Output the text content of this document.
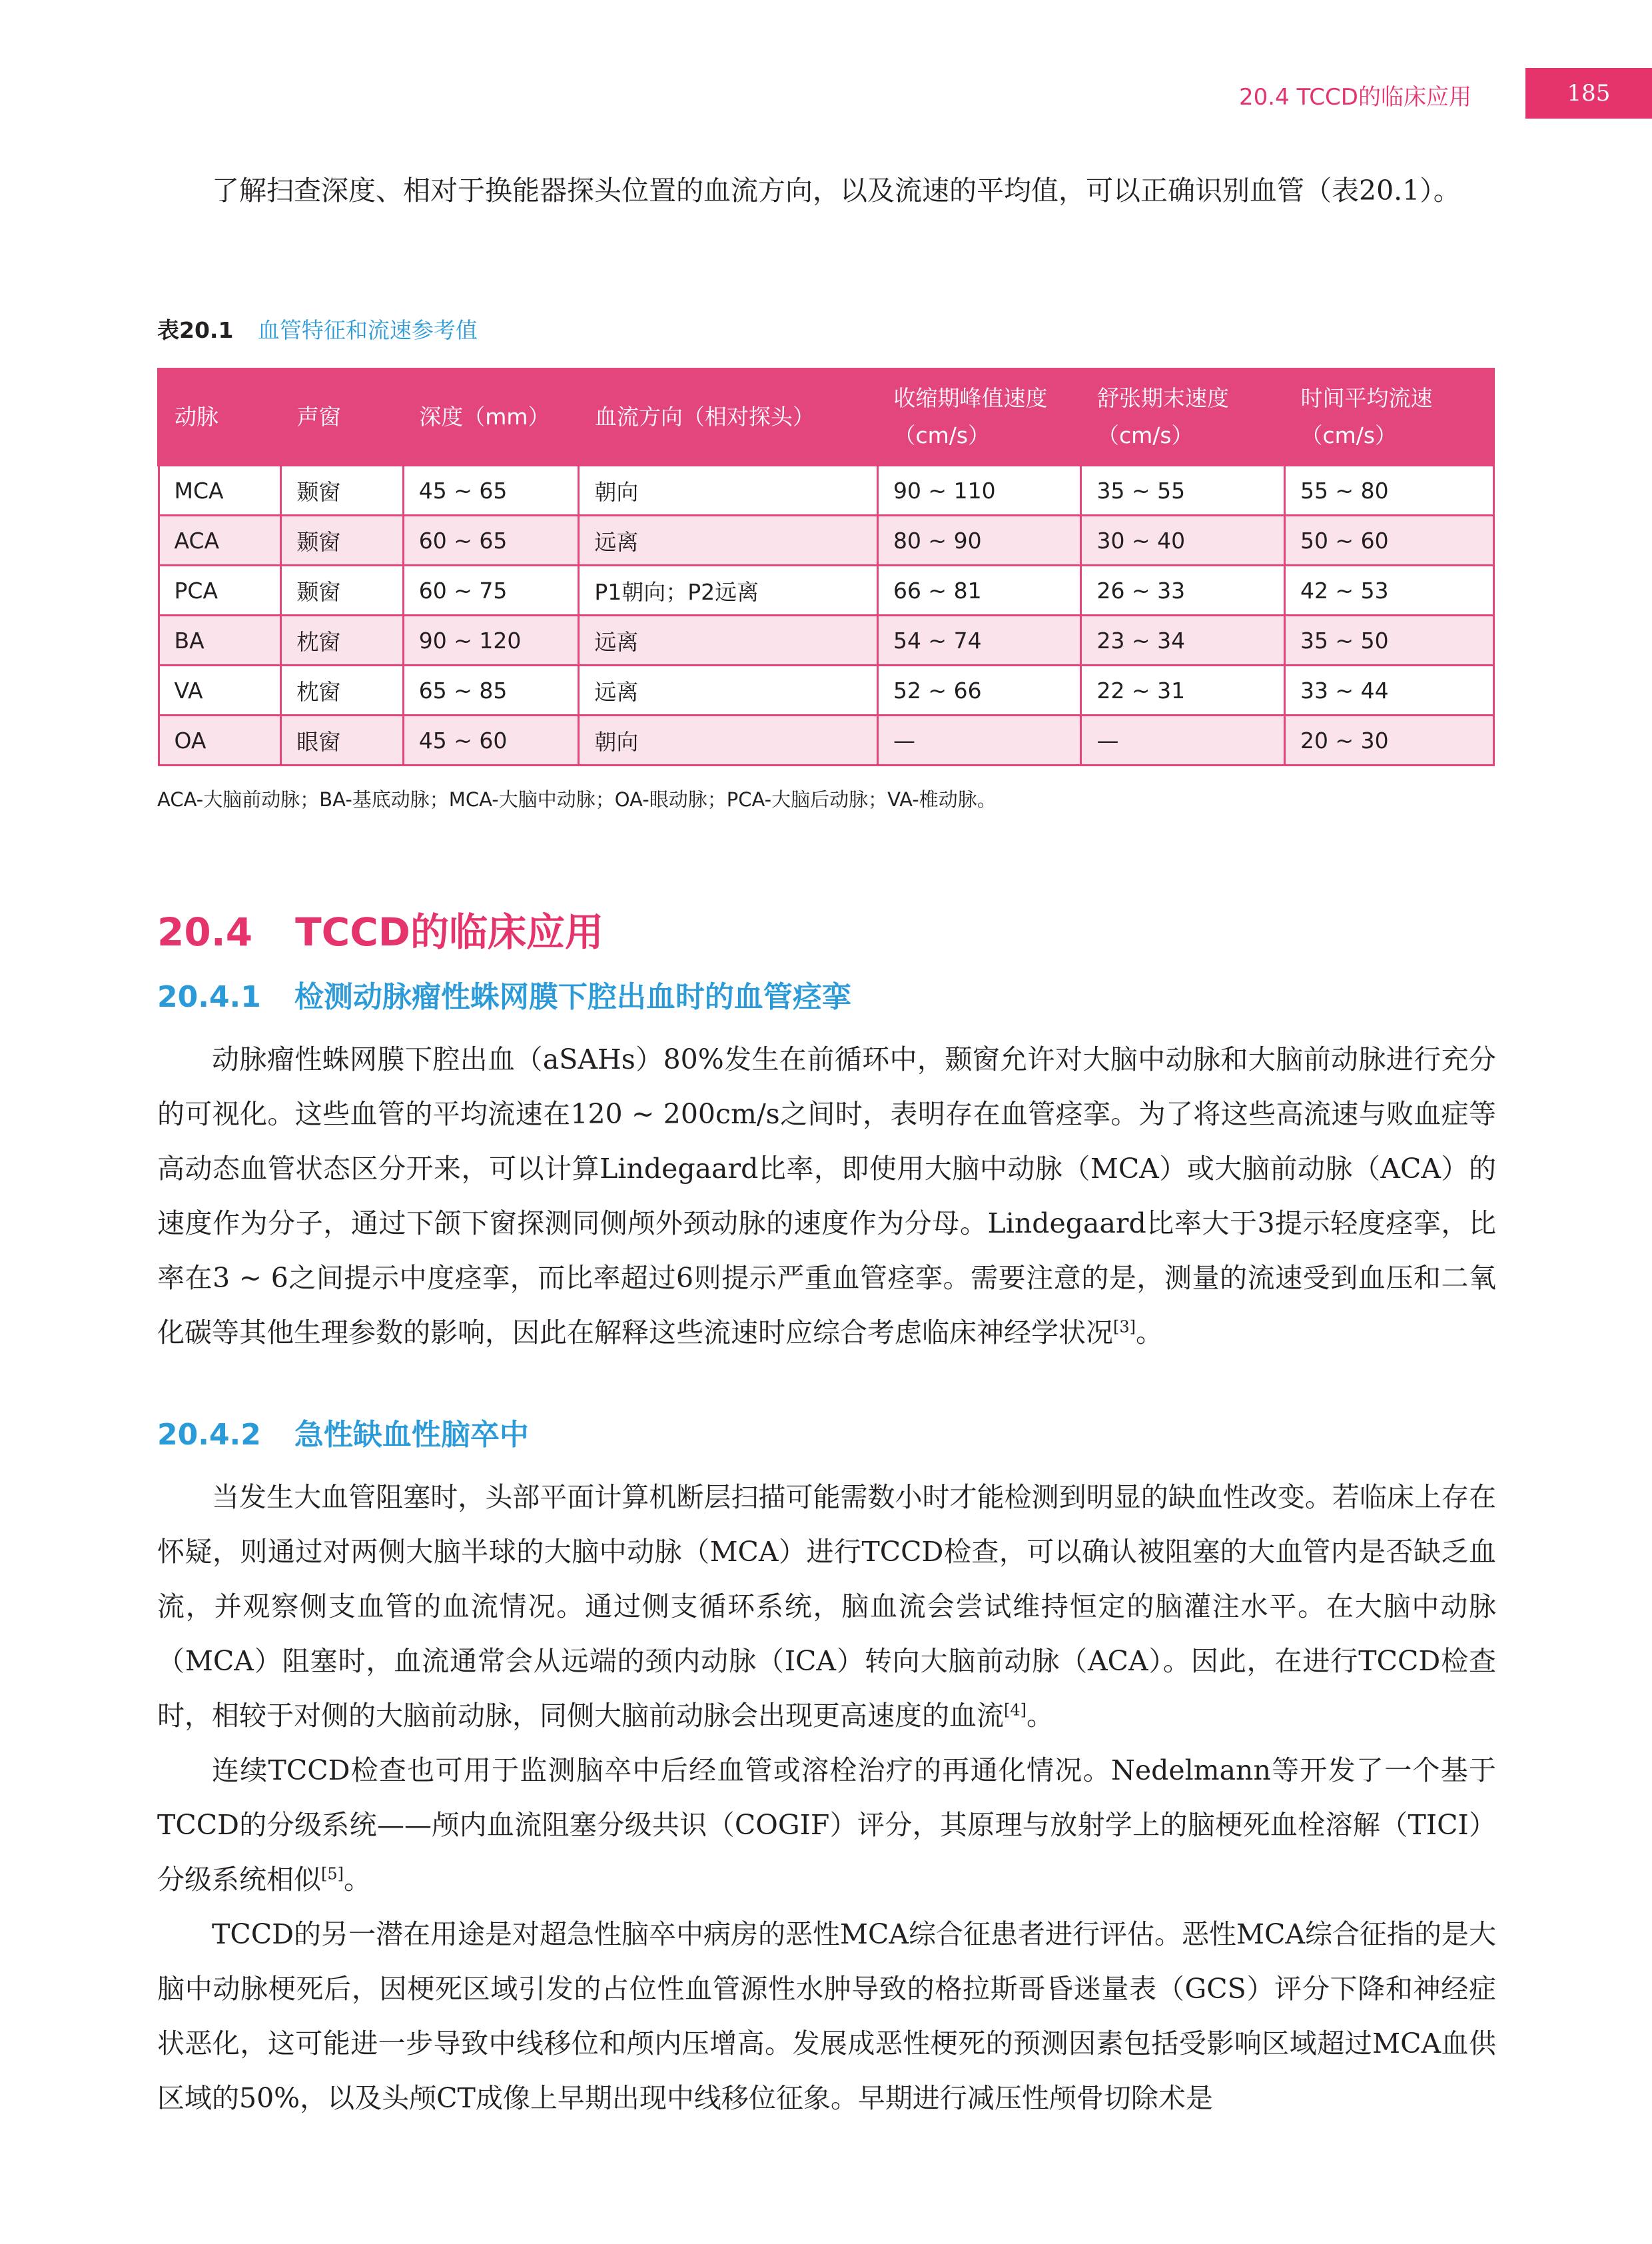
20.4 TCCD的临床应用	185

了解扫查深度、相对于换能器探头位置的血流方向，以及流速的平均值，可以正确识别血管（表20.1）。

表20.1 血管特征和流速参考值
动脉	声窗	深度（mm）	血流方向（相对探头）	收缩期峰值速度（cm/s）	舒张期末速度（cm/s）	时间平均流速（cm/s）
MCA	颞窗	45 ~ 65	朝向	90 ~ 110	35 ~ 55	55 ~ 80
ACA	颞窗	60 ~ 65	远离	80 ~ 90	30 ~ 40	50 ~ 60
PCA	颞窗	60 ~ 75	P1朝向；P2远离	66 ~ 81	26 ~ 33	42 ~ 53
BA	枕窗	90 ~ 120	远离	54 ~ 74	23 ~ 34	35 ~ 50
VA	枕窗	65 ~ 85	远离	52 ~ 66	22 ~ 31	33 ~ 44
OA	眼窗	45 ~ 60	朝向	—	—	20 ~ 30
ACA-大脑前动脉；BA-基底动脉；MCA-大脑中动脉；OA-眼动脉；PCA-大脑后动脉；VA-椎动脉。
20.4 TCCD的临床应用
20.4.1 检测动脉瘤性蛛网膜下腔出血时的血管痉挛

动脉瘤性蛛网膜下腔出血（aSAHs）80%发生在前循环中，颞窗允许对大脑中动脉和大脑前动脉进行充分的可视化。这些血管的平均流速在120 ~ 200cm/s之间时，表明存在血管痉挛。为了将这些高流速与败血症等高动态血管状态区分开来，可以计算Lindegaard比率，即使用大脑中动脉（MCA）或大脑前动脉（ACA）的速度作为分子，通过下颌下窗探测同侧颅外颈动脉的速度作为分母。Lindegaard比率大于3提示轻度痉挛，比率在3 ~ 6之间提示中度痉挛，而比率超过6则提示严重血管痉挛。需要注意的是，测量的流速受到血压和二氧化碳等其他生理参数的影响，因此在解释这些流速时应综合考虑临床神经学状况[3]。

20.4.2 急性缺血性脑卒中

当发生大血管阻塞时，头部平面计算机断层扫描可能需数小时才能检测到明显的缺血性改变。若临床上存在怀疑，则通过对两侧大脑半球的大脑中动脉（MCA）进行TCCD检查，可以确认被阻塞的大血管内是否缺乏血流，并观察侧支血管的血流情况。通过侧支循环系统，脑血流会尝试维持恒定的脑灌注水平。在大脑中动脉（MCA）阻塞时，血流通常会从远端的颈内动脉（ICA）转向大脑前动脉（ACA）。因此，在进行TCCD检查时，相较于对侧的大脑前动脉，同侧大脑前动脉会出现更高速度的血流[4]。

连续TCCD检查也可用于监测脑卒中后经血管或溶栓治疗的再通化情况。Nedelmann等开发了一个基于TCCD的分级系统——颅内血流阻塞分级共识（COGIF）评分，其原理与放射学上的脑梗死血栓溶解（TICI）分级系统相似[5]。

TCCD的另一潜在用途是对超急性脑卒中病房的恶性MCA综合征患者进行评估。恶性MCA综合征指的是大脑中动脉梗死后，因梗死区域引发的占位性血管源性水肿导致的格拉斯哥昏迷量表（GCS）评分下降和神经症状恶化，这可能进一步导致中线移位和颅内压增高。发展成恶性梗死的预测因素包括受影响区域超过MCA血供区域的50%，以及头颅CT成像上早期出现中线移位征象。早期进行减压性颅骨切除术是
